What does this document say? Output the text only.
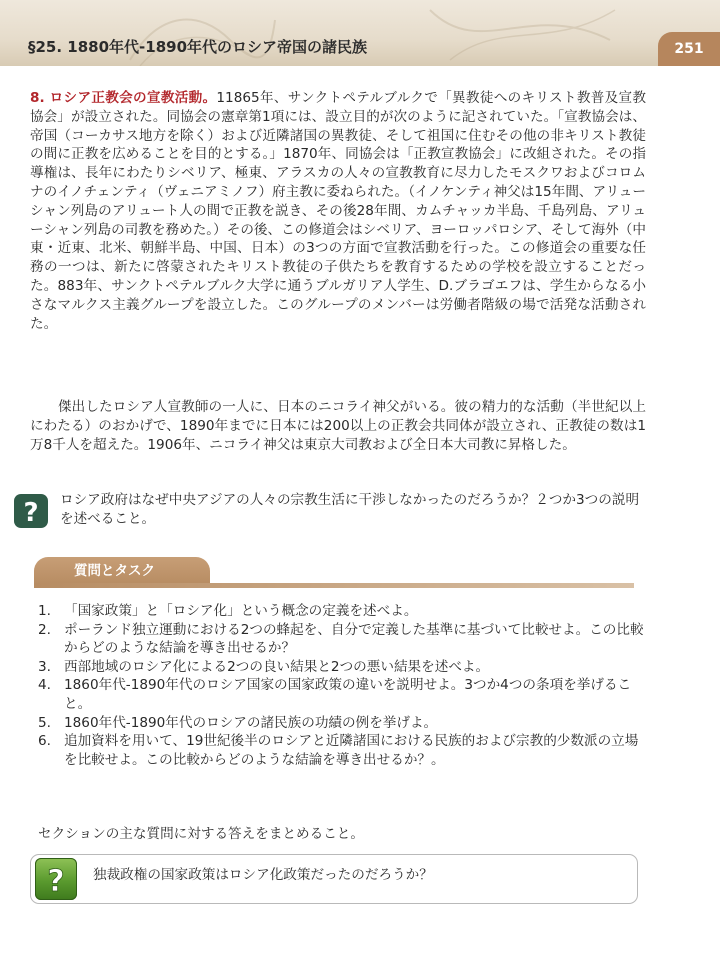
§25. 1880年代-1890年代のロシア帝国の諸民族	251
8. ロシア正教会の宣教活動。11865年、サンクトペテルブルクで「異教徒へのキリスト教普及宣教協会」が設立された。同協会の憲章第1項には、設立目的が次のように記されていた。「宣教協会は、帝国（コーカサス地方を除く）および近隣諸国の異教徒、そして祖国に住むその他の非キリスト教徒の間に正教を広めることを目的とする。」1870年、同協会は「正教宣教協会」に改組された。その指導権は、長年にわたりシベリア、極東、アラスカの人々の宣教教育に尽力したモスクワおよびコロムナのイノチェンティ（ヴェニアミノフ）府主教に委ねられた。（イノケンティ神父は15年間、アリューシャン列島のアリュート人の間で正教を説き、その後28年間、カムチャッカ半島、千島列島、アリューシャン列島の司教を務めた。）その後、この修道会はシベリア、ヨーロッパロシア、そして海外（中東・近東、北米、朝鮮半島、中国、日本）の3つの方面で宣教活動を行った。この修道会の重要な任務の一つは、新たに啓蒙されたキリスト教徒の子供たちを教育するための学校を設立することだった。883年、サンクトペテルブルク大学に通うブルガリア人学生、D.ブラゴエフは、学生からなる小さなマルクス主義グループを設立した。このグループのメンバーは労働者階級の場で活発な活動された。
傑出したロシア人宣教師の一人に、日本のニコライ神父がいる。彼の精力的な活動（半世紀以上にわたる）のおかげで、1890年までに日本には200以上の正教会共同体が設立され、正教徒の数は1万8千人を超えた。1906年、ニコライ神父は東京大司教および全日本大司教に昇格した。
? ロシア政府はなぜ中央アジアの人々の宗教生活に干渉しなかったのだろうか？２つか3つの説明を述べること。
質問とタスク
1. 「国家政策」と「ロシア化」という概念の定義を述べよ。
2. ポーランド独立運動における2つの蜂起を、自分で定義した基準に基づいて比較せよ。この比較からどのような結論を導き出せるか？
3. 西部地域のロシア化による2つの良い結果と2つの悪い結果を述べよ。
4. 1860年代-1890年代のロシア国家の国家政策の違いを説明せよ。3つか4つの条項を挙げること。
5. 1860年代-1890年代のロシアの諸民族の功績の例を挙げよ。
6. 追加資料を用いて、19世紀後半のロシアと近隣諸国における民族的および宗教的少数派の立場を比較せよ。この比較からどのような結論を導き出せるか？。
セクションの主な質問に対する答えをまとめること。
? 独裁政権の国家政策はロシア化政策だったのだろうか？
